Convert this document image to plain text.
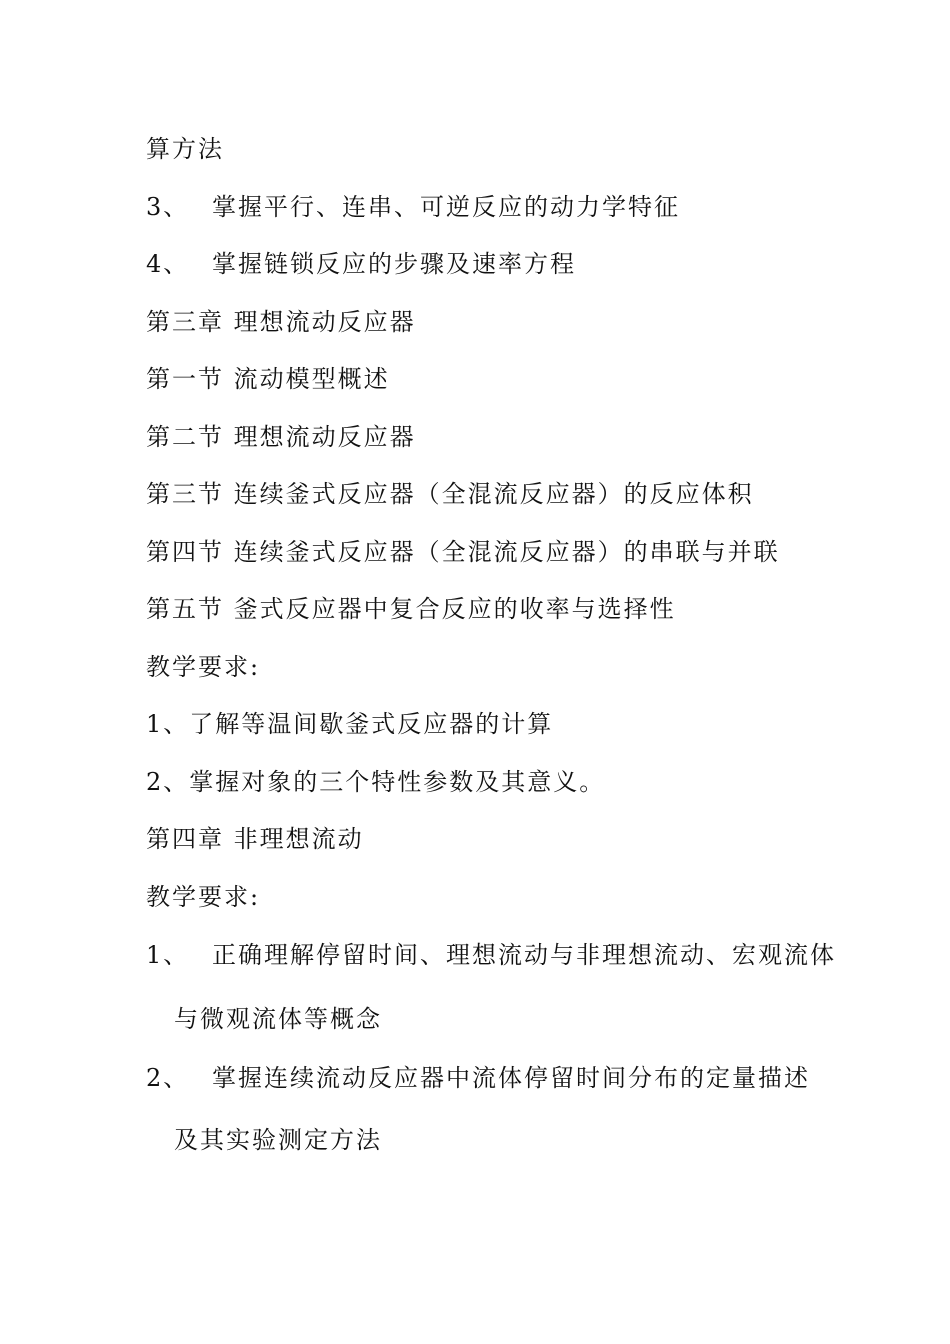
算方法
3、 掌握平行、连串、可逆反应的动力学特征
4、 掌握链锁反应的步骤及速率方程
第三章 理想流动反应器
第一节 流动模型概述
第二节 理想流动反应器
第三节 连续釜式反应器（全混流反应器）的反应体积
第四节 连续釜式反应器（全混流反应器）的串联与并联
第五节 釜式反应器中复合反应的收率与选择性
教学要求:
1、了解等温间歇釜式反应器的计算
2、掌握对象的三个特性参数及其意义。
第四章 非理想流动
教学要求:
1、 正确理解停留时间、理想流动与非理想流动、宏观流体
与微观流体等概念
2、 掌握连续流动反应器中流体停留时间分布的定量描述
及其实验测定方法
